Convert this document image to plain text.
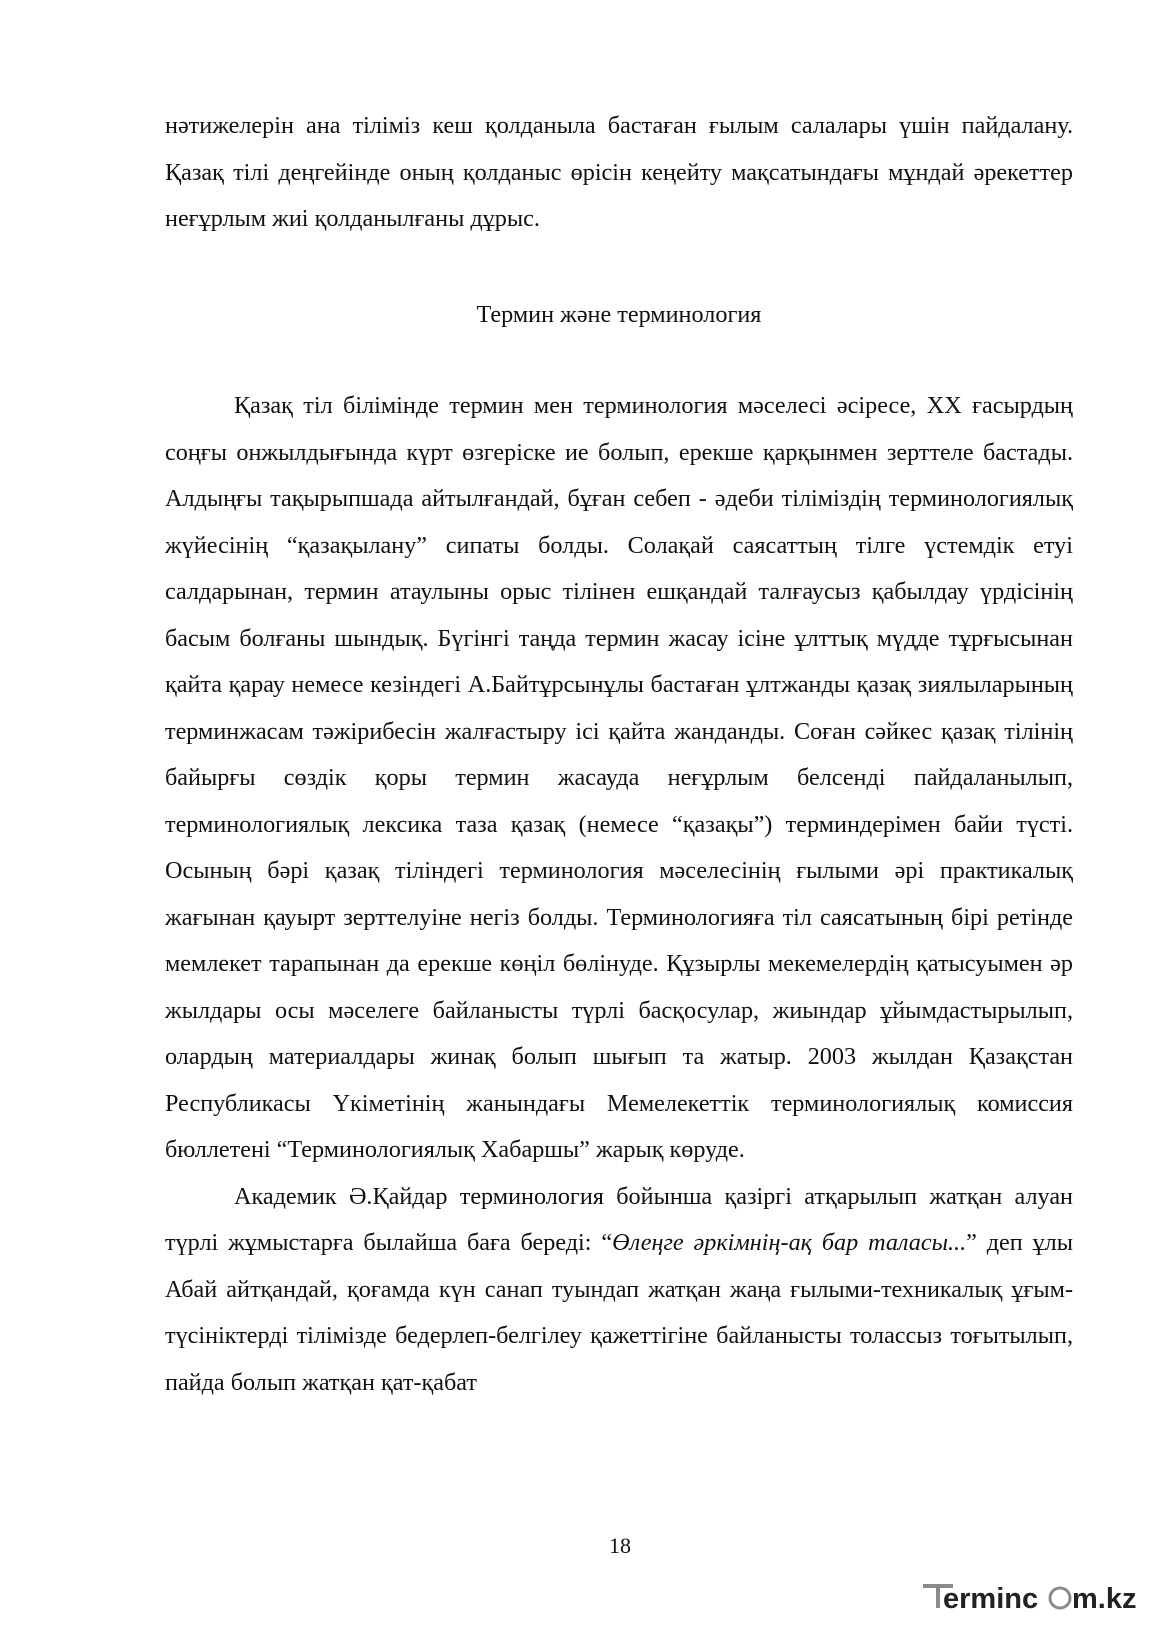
нәтижелерін ана тіліміз кеш қолданыла бастаған ғылым салалары үшін пайдалану. Қазақ тілі деңгейінде оның қолданыс өрісін кеңейту мақсатындағы мұндай әрекеттер неғұрлым жиі қолданылғаны дұрыс.

Термин және терминология

Қазақ тіл білімінде термин мен терминология мәселесі әсіресе, ХХ ғасырдың соңғы онжылдығында күрт өзгеріске ие болып, ерекше қарқынмен зерттеле бастады. Алдыңғы тақырыпшада айтылғандай, бұған себеп - әдеби тіліміздің терминологиялық жүйесінің “қазақылану” сипаты болды. Солақай саясаттың тілге үстемдік етуі салдарынан, термин атаулыны орыс тілінен ешқандай талғаусыз қабылдау үрдісінің басым болғаны шындық. Бүгінгі таңда термин жасау ісіне ұлттық мүдде тұрғысынан қайта қарау немесе кезіндегі А.Байтұрсынұлы бастаған ұлтжанды қазақ зиялыларының терминжасам тәжірибесін жалғастыру ісі қайта жанданды. Соған сәйкес қазақ тілінің байырғы сөздік қоры термин жасауда неғұрлым белсенді пайдаланылып, терминологиялық лексика таза қазақ (немесе “қазақы”) терминдерімен байи түсті. Осының бәрі қазақ тіліндегі терминология мәселесінің ғылыми әрі практикалық жағынан қауырт зерттелуіне негіз болды. Терминологияға тіл саясатының бірі ретінде мемлекет тарапынан да ерекше көңіл бөлінуде. Құзырлы мекемелердің қатысуымен әр жылдары осы мәселеге байланысты түрлі басқосулар, жиындар ұйымдастырылып, олардың материалдары жинақ болып шығып та жатыр. 2003 жылдан Қазақстан Республикасы Үкіметінің жанындағы Мемелекеттік терминологиялық комиссия бюллетені “Терминологиялық Хабаршы” жарық көруде.

Академик Ә.Қайдар терминология бойынша қазіргі атқарылып жатқан алуан түрлі жұмыстарға былайша баға береді: “Өлеңге әркімнің-ақ бар таласы...” деп ұлы Абай айтқандай, қоғамда күн санап туындап жатқан жаңа ғылыми-техникалық ұғым-түсініктерді тілімізде бедерлеп-белгілеу қажеттігіне байланысты толассыз тоғытылып, пайда болып жатқан қат-қабат

18
erminc m.kz
